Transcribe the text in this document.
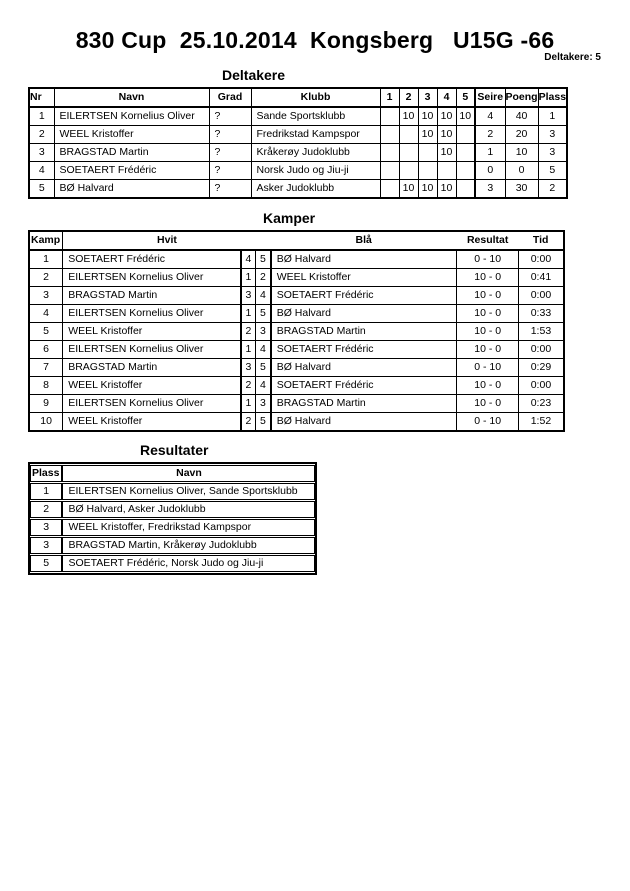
830 Cup  25.10.2014  Kongsberg   U15G -66
Deltakere: 5
Deltakere
Nr	Navn	Grad	Klubb	1	2	3	4	5	Seire	Poeng	Plass
1	EILERTSEN Kornelius Oliver	?	Sande Sportsklubb		10	10	10	10	4	40	1
2	WEEL Kristoffer	?	Fredrikstad Kampspor			10	10		2	20	3
3	BRAGSTAD Martin	?	Kråkerøy Judoklubb				10		1	10	3
4	SOETAERT Frédéric	?	Norsk Judo og Jiu-ji						0	0	5
5	BØ Halvard	?	Asker Judoklubb		10	10	10		3	30	2
Kamper
Kamp	Hvit			Blå	Resultat	Tid
1	SOETAERT Frédéric	4	5	BØ Halvard	0 - 10	0:00
2	EILERTSEN Kornelius Oliver	1	2	WEEL Kristoffer	10 - 0	0:41
3	BRAGSTAD Martin	3	4	SOETAERT Frédéric	10 - 0	0:00
4	EILERTSEN Kornelius Oliver	1	5	BØ Halvard	10 - 0	0:33
5	WEEL Kristoffer	2	3	BRAGSTAD Martin	10 - 0	1:53
6	EILERTSEN Kornelius Oliver	1	4	SOETAERT Frédéric	10 - 0	0:00
7	BRAGSTAD Martin	3	5	BØ Halvard	0 - 10	0:29
8	WEEL Kristoffer	2	4	SOETAERT Frédéric	10 - 0	0:00
9	EILERTSEN Kornelius Oliver	1	3	BRAGSTAD Martin	10 - 0	0:23
10	WEEL Kristoffer	2	5	BØ Halvard	0 - 10	1:52
Resultater
Plass	Navn
1	EILERTSEN Kornelius Oliver, Sande Sportsklubb
2	BØ Halvard, Asker Judoklubb
3	WEEL Kristoffer, Fredrikstad Kampspor
3	BRAGSTAD Martin, Kråkerøy Judoklubb
5	SOETAERT Frédéric, Norsk Judo og Jiu-ji
